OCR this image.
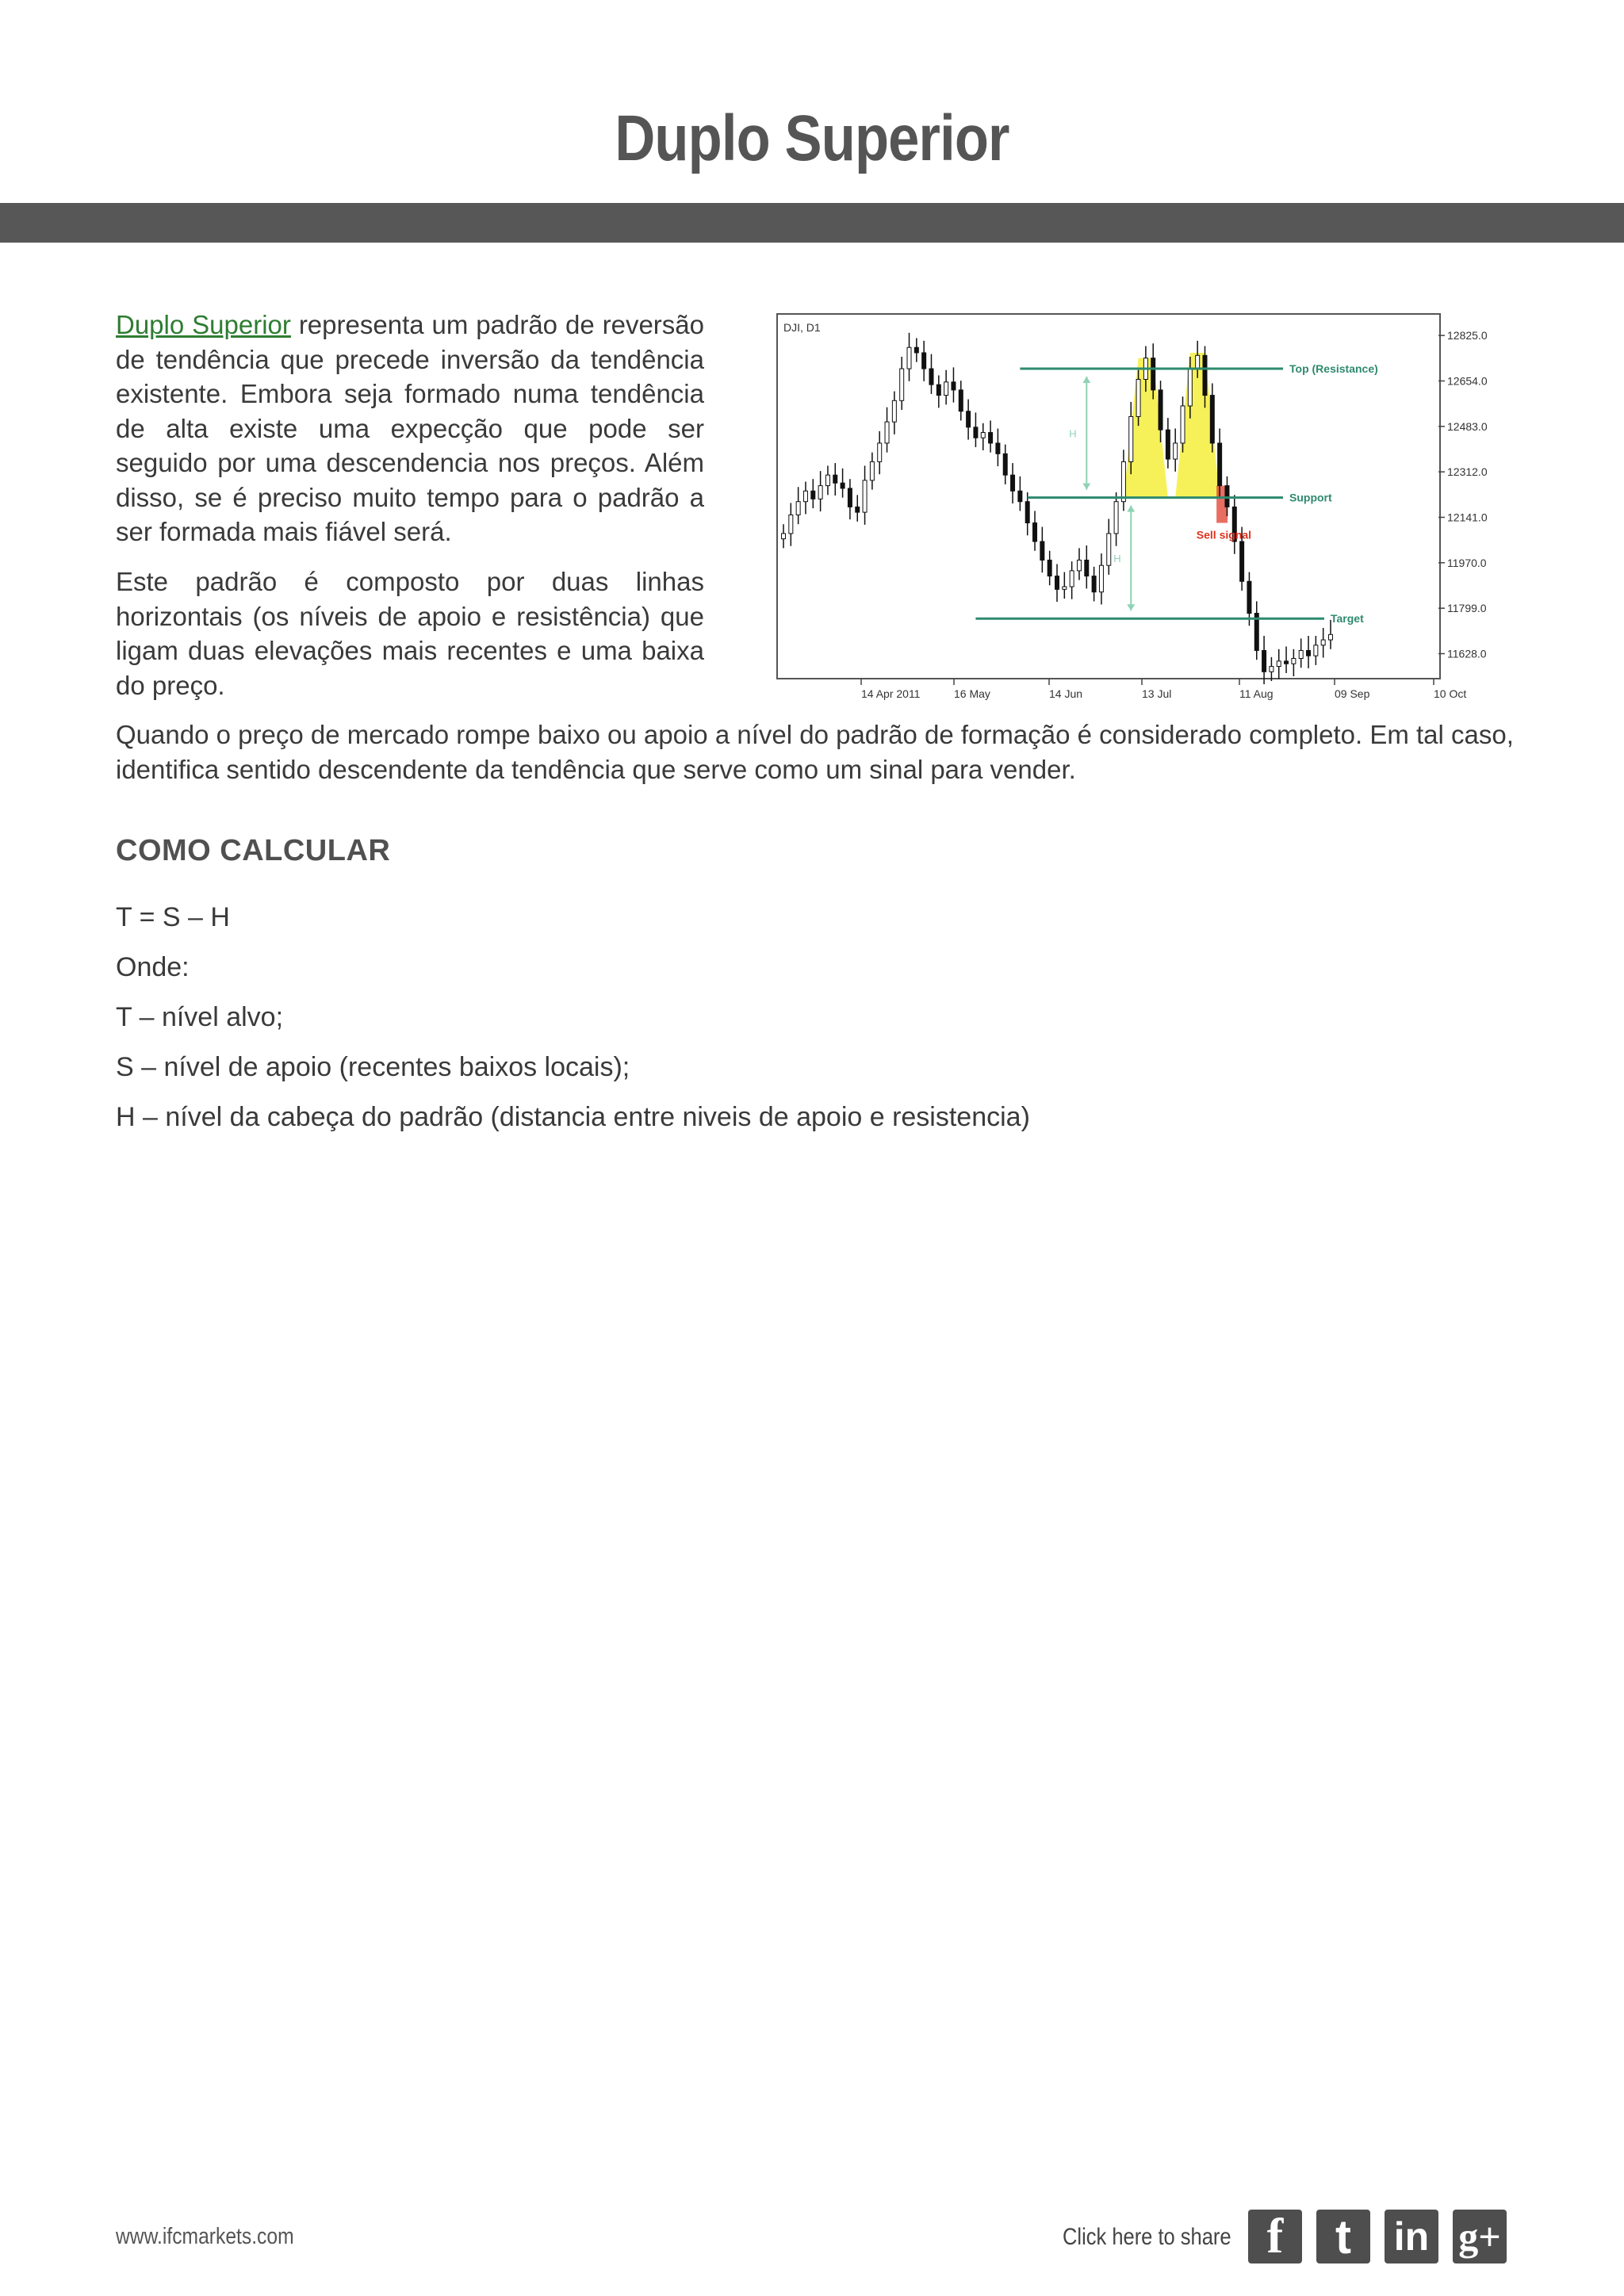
Duplo Superior

Duplo Superior representa um padrão de reversão de tendência que precede inversão da tendência existente. Embora seja formado numa tendência de alta existe uma expecção que pode ser seguido por uma descendencia nos preços. Além disso, se é preciso muito tempo para o padrão a ser formada mais fiável será.

Este padrão é composto por duas linhas horizontais (os níveis de apoio e resistência) que ligam duas elevações mais recentes e uma baixa do preço.

Quando o preço de mercado rompe baixo ou apoio a nível do padrão de formação é considerado completo. Em tal caso, identifica sentido descendente da tendência que serve como um sinal para vender.

COMO CALCULAR
T = S – H
Onde:
T – nível alvo;
S – nível de apoio (recentes baixos locais);
H – nível da cabeça do padrão (distancia entre niveis de apoio e resistencia)
DJI, D1
Top (Resistance)
Support
Target
H
H
Sell signal
12825.0
12654.0
12483.0
12312.0
12141.0
11970.0
11799.0
11628.0
14 Apr 2011	16 May	14 Jun	13 Jul	11 Aug	09 Sep	10 Oct
www.ifcmarkets.com	Click here to share f	t	in g+
